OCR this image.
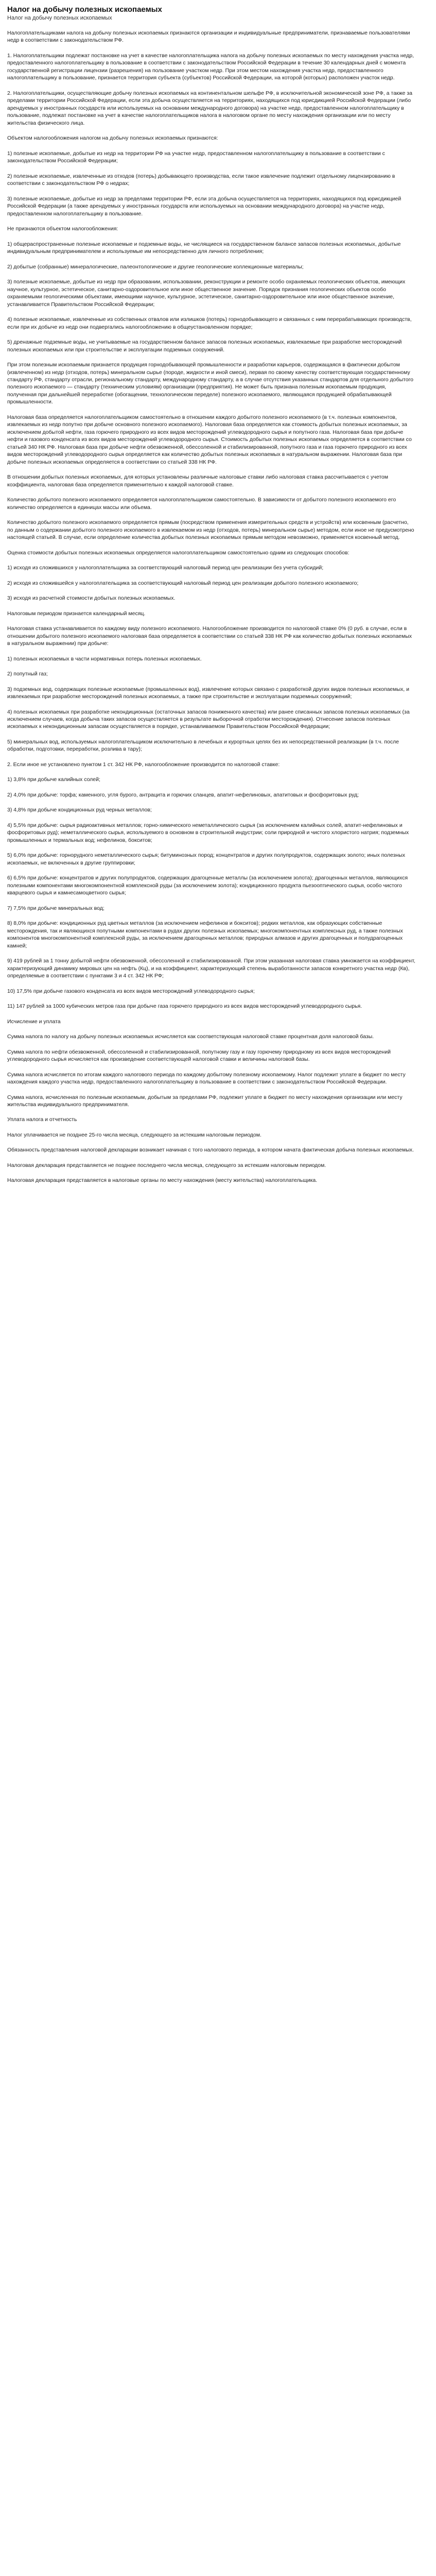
Налог на добычу полезных ископаемых
Налог на добычу полезных ископаемых

Налогоплательщиками налога на добычу полезных ископаемых признаются организации и индивидуальные предприниматели, признаваемые пользователями недр в соответствии с законодательством РФ.

1. Налогоплательщики подлежат постановке на учет в качестве налогоплательщика налога на добычу полезных ископаемых по месту нахождения участка недр, предоставленного налогоплательщику в пользование в соответствии с законодательством Российской Федерации в течение 30 календарных дней с момента государственной регистрации лицензии (разрешения) на пользование участком недр. При этом местом нахождения участка недр, предоставленного налогоплательщику в пользование, признается территория субъекта (субъектов) Российской Федерации, на которой (которых) расположен участок недр.

2. Налогоплательщики, осуществляющие добычу полезных ископаемых на континентальном шельфе РФ, в исключительной экономической зоне РФ, а также за пределами территории Российской Федерации, если эта добыча осуществляется на территориях, находящихся под юрисдикцией Российской Федерации (либо арендуемых у иностранных государств или используемых на основании международного договора) на участке недр, предоставленном налогоплательщику в пользование, подлежат постановке на учет в качестве налогоплательщиков налога в налоговом органе по месту нахождения организации или по месту жительства физического лица.

Объектом налогообложения налогом на добычу полезных ископаемых признаются:

1) полезные ископаемые, добытые из недр на территории РФ на участке недр, предоставленном налогоплательщику в пользование в соответствии с законодательством Российской Федерации;

2) полезные ископаемые, извлеченные из отходов (потерь) добывающего производства, если такое извлечение подлежит отдельному лицензированию в соответствии с законодательством РФ о недрах;

3) полезные ископаемые, добытые из недр за пределами территории РФ, если эта добыча осуществляется на территориях, находящихся под юрисдикцией Российской Федерации (а также арендуемых у иностранных государств или используемых на основании международного договора) на участке недр, предоставленном налогоплательщику в пользование.

Не признаются объектом налогообложения:

1) общераспространенные полезные ископаемые и подземные воды, не числящиеся на государственном балансе запасов полезных ископаемых, добытые индивидуальным предпринимателем и используемые им непосредственно для личного потребления;

2) добытые (собранные) минералогические, палеонтологические и другие геологические коллекционные материалы;

3) полезные ископаемые, добытые из недр при образовании, использовании, реконструкции и ремонте особо охраняемых геологических объектов, имеющих научное, культурное, эстетическое, санитарно-оздоровительное или иное общественное значение. Порядок признания геологических объектов особо охраняемыми геологическими объектами, имеющими научное, культурное, эстетическое, санитарно-оздоровительное или иное общественное значение, устанавливается Правительством Российской Федерации;

4) полезные ископаемые, извлеченные из собственных отвалов или излишков (потерь) горнодобывающего и связанных с ним перерабатывающих производств, если при их добыче из недр они подвергались налогообложению в общеустановленном порядке;

5) дренажные подземные воды, не учитываемые на государственном балансе запасов полезных ископаемых, извлекаемые при разработке месторождений полезных ископаемых или при строительстве и эксплуатации подземных сооружений.

При этом полезным ископаемым признается продукция горнодобывающей промышленности и разработки карьеров, содержащаяся в фактически добытом (извлеченном) из недр (отходов, потерь) минеральном сырье (породе, жидкости и иной смеси), первая по своему качеству соответствующая государственному стандарту РФ, стандарту отрасли, региональному стандарту, международному стандарту, а в случае отсутствия указанных стандартов для отдельного добытого полезного ископаемого — стандарту (техническим условиям) организации (предприятия). Не может быть признана полезным ископаемым продукция, полученная при дальнейшей переработке (обогащении, технологическом переделе) полезного ископаемого, являющаяся продукцией обрабатывающей промышленности.

Налоговая база определяется налогоплательщиком самостоятельно в отношении каждого добытого полезного ископаемого (в т.ч. полезных компонентов, извлекаемых из недр попутно при добыче основного полезного ископаемого). Налоговая база определяется как стоимость добытых полезных ископаемых, за исключением добытой нефти, газа горючего природного из всех видов месторождений углеводородного сырья и попутного газа. Налоговая база при добыче нефти и газового конденсата из всех видов месторождений углеводородного сырья. Стоимость добытых полезных ископаемых определяется в соответствии со статьей 340 НК РФ. Налоговая база при добыче нефти обезвоженной, обессоленной и стабилизированной, попутного газа и газа горючего природного из всех видов месторождений углеводородного сырья определяется как количество добытых полезных ископаемых в натуральном выражении. Налоговая база при добыче полезных ископаемых определяется в соответствии со статьей 338 НК РФ.

В отношении добытых полезных ископаемых, для которых установлены различные налоговые ставки либо налоговая ставка рассчитывается с учетом коэффициента, налоговая база определяется применительно к каждой налоговой ставке.

Количество добытого полезного ископаемого определяется налогоплательщиком самостоятельно. В зависимости от добытого полезного ископаемого его количество определяется в единицах массы или объема.

Количество добытого полезного ископаемого определяется прямым (посредством применения измерительных средств и устройств) или косвенным (расчетно, по данным о содержании добытого полезного ископаемого в извлекаемом из недр (отходов, потерь) минеральном сырье) методом, если иное не предусмотрено настоящей статьей. В случае, если определение количества добытых полезных ископаемых прямым методом невозможно, применяется косвенный метод.

Оценка стоимости добытых полезных ископаемых определяется налогоплательщиком самостоятельно одним из следующих способов:

1) исходя из сложившихся у налогоплательщика за соответствующий налоговый период цен реализации без учета субсидий;

2) исходя из сложившейся у налогоплательщика за соответствующий налоговый период цен реализации добытого полезного ископаемого;

3) исходя из расчетной стоимости добытых полезных ископаемых.

Налоговым периодом признается календарный месяц.

Налоговая ставка устанавливается по каждому виду полезного ископаемого. Налогообложение производится по налоговой ставке 0% (0 руб. в случае, если в отношении добытого полезного ископаемого налоговая база определяется в соответствии со статьей 338 НК РФ как количество добытых полезных ископаемых в натуральном выражении) при добыче:

1) полезных ископаемых в части нормативных потерь полезных ископаемых.

2) попутный газ;

3) подземных вод, содержащих полезные ископаемые (промышленных вод), извлечение которых связано с разработкой других видов полезных ископаемых, и извлекаемых при разработке месторождений полезных ископаемых, а также при строительстве и эксплуатации подземных сооружений;

4) полезных ископаемых при разработке некондиционных (остаточных запасов пониженного качества) или ранее списанных запасов полезных ископаемых (за исключением случаев, когда добыча таких запасов осуществляется в результате выборочной отработки месторождения). Отнесение запасов полезных ископаемых к некондиционным запасам осуществляется в порядке, устанавливаемом Правительством Российской Федерации;

5) минеральных вод, используемых налогоплательщиком исключительно в лечебных и курортных целях без их непосредственной реализации (в т.ч. после обработки, подготовки, переработки, розлива в тару);

2. Если иное не установлено пунктом 1 ст. 342 НК РФ, налогообложение производится по налоговой ставке:

1) 3,8% при добыче калийных солей;

2) 4,0% при добыче: торфа; каменного, угля бурого, антрацита и горючих сланцев, апатит-нефелиновых, апатитовых и фосфоритовых руд;

3) 4,8% при добыче кондиционных руд черных металлов;

4) 5,5% при добыче: сырья радиоактивных металлов; горно-химического неметаллического сырья (за исключением калийных солей, апатит-нефелиновых и фосфоритовых руд); неметаллического сырья, используемого в основном в строительной индустрии; соли природной и чистого хлористого натрия; подземных промышленных и термальных вод; нефелинов, бокситов;

5) 6,0% при добыче: горнорудного неметаллического сырья; битуминозных пород; концентратов и других полупродуктов, содержащих золото; иных полезных ископаемых, не включенных в другие группировки;

6) 6,5% при добыче: концентратов и других полупродуктов, содержащих драгоценные металлы (за исключением золота); драгоценных металлов, являющихся полезными компонентами многокомпонентной комплексной руды (за исключением золота); кондиционного продукта пьезооптического сырья, особо чистого кварцевого сырья и камнесамоцветного сырья;

7) 7,5% при добыче минеральных вод;

8) 8,0% при добыче: кондиционных руд цветных металлов (за исключением нефелинов и бокситов); редких металлов, как образующих собственные месторождения, так и являющихся попутными компонентами в рудах других полезных ископаемых; многокомпонентных комплексных руд, а также полезных компонентов многокомпонентной комплексной руды, за исключением драгоценных металлов; природных алмазов и других драгоценных и полудрагоценных камней;

9) 419 рублей за 1 тонну добытой нефти обезвоженной, обессоленной и стабилизированной. При этом указанная налоговая ставка умножается на коэффициент, характеризующий динамику мировых цен на нефть (Кц), и на коэффициент, характеризующий степень выработанности запасов конкретного участка недр (Кв), определяемые в соответствии с пунктами 3 и 4 ст. 342 НК РФ;

10) 17,5% при добыче газового конденсата из всех видов месторождений углеводородного сырья;

11) 147 рублей за 1000 кубических метров газа при добыче газа горючего природного из всех видов месторождений углеводородного сырья.

Исчисление и уплата

Сумма налога по налогу на добычу полезных ископаемых исчисляется как соответствующая налоговой ставке процентная доля налоговой базы.

Сумма налога по нефти обезвоженной, обессоленной и стабилизированной, попутному газу и газу горючему природному из всех видов месторождений углеводородного сырья исчисляется как произведение соответствующей налоговой ставки и величины налоговой базы.

Сумма налога исчисляется по итогам каждого налогового периода по каждому добытому полезному ископаемому. Налог подлежит уплате в бюджет по месту нахождения каждого участка недр, предоставленного налогоплательщику в пользование в соответствии с законодательством Российской Федерации.

Сумма налога, исчисленная по полезным ископаемым, добытым за пределами РФ, подлежит уплате в бюджет по месту нахождения организации или месту жительства индивидуального предпринимателя.

Уплата налога и отчетность

Налог уплачивается не позднее 25-го числа месяца, следующего за истекшим налоговым периодом.

Обязанность представления налоговой декларации возникает начиная с того налогового периода, в котором начата фактическая добыча полезных ископаемых.

Налоговая декларация представляется не позднее последнего числа месяца, следующего за истекшим налоговым периодом.

Налоговая декларация представляется в налоговые органы по месту нахождения (месту жительства) налогоплательщика.
